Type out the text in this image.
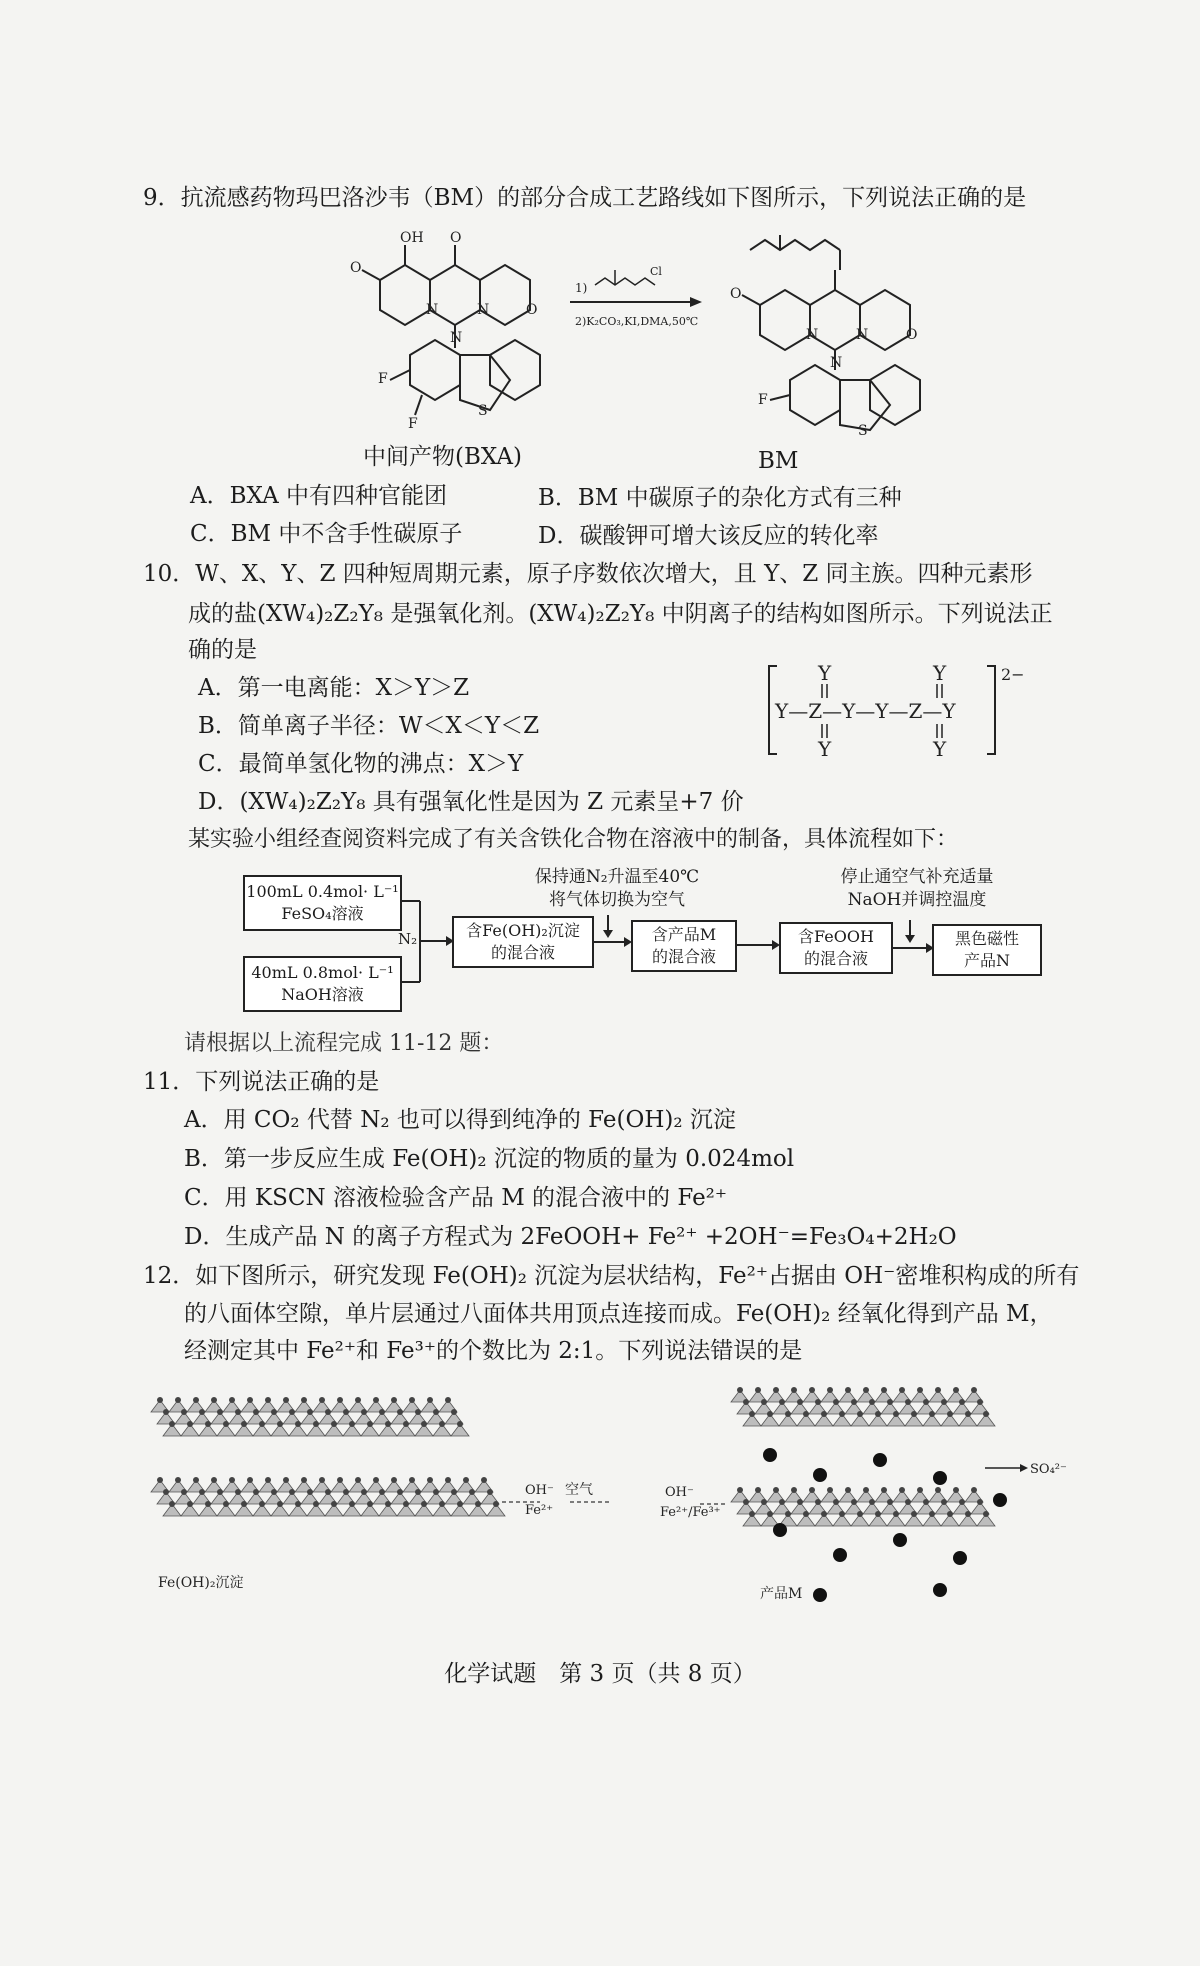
9．抗流感药物玛巴洛沙韦（BM）的部分合成工艺路线如下图所示，下列说法正确的是
OH O
O
N	N	O
N
F
F
S
Cl
1)
2)K₂CO₃,KI,DMA,50℃
O
N	N	O
N
F
S
中间产物(BXA)	BM
A．BXA 中有四种官能团	B．BM 中碳原子的杂化方式有三种
C．BM 中不含手性碳原子	D．碳酸钾可增大该反应的转化率
10．W、X、Y、Z 四种短周期元素，原子序数依次增大，且 Y、Z 同主族。四种元素形
成的盐(XW₄)₂Z₂Y₈ 是强氧化剂。(XW₄)₂Z₂Y₈ 中阴离子的结构如图所示。下列说法正
确的是
A．第一电离能：X＞Y＞Z
B．简单离子半径：W＜X＜Y＜Z
C．最简单氢化物的沸点：X＞Y
D．(XW₄)₂Z₂Y₈ 具有强氧化性是因为 Z 元素呈+7 价
Y—Z—Y—Y—Z—Y
Y	Y
Y	Y
2−
某实验小组经查阅资料完成了有关含铁化合物在溶液中的制备，具体流程如下：
100mL 0.4mol· L⁻¹
FeSO₄溶液
40mL 0.8mol· L⁻¹
NaOH溶液
含Fe(OH)₂沉淀
的混合液
含产品M
的混合液
含FeOOH
的混合液
黑色磁性
产品N
保持通N₂升温至40℃
将气体切换为空气
停止通空气补充适量
NaOH并调控温度
N₂
请根据以上流程完成 11-12 题：
11．下列说法正确的是
A．用 CO₂ 代替 N₂ 也可以得到纯净的 Fe(OH)₂ 沉淀
B．第一步反应生成 Fe(OH)₂ 沉淀的物质的量为 0.024mol
C．用 KSCN 溶液检验含产品 M 的混合液中的 Fe²⁺
D．生成产品 N 的离子方程式为 2FeOOH+ Fe²⁺ +2OH⁻=Fe₃O₄+2H₂O
12．如下图所示，研究发现 Fe(OH)₂ 沉淀为层状结构，Fe²⁺占据由 OH⁻密堆积构成的所有
的八面体空隙，单片层通过八面体共用顶点连接而成。Fe(OH)₂ 经氧化得到产品 M，
经测定其中 Fe²⁺和 Fe³⁺的个数比为 2:1。下列说法错误的是
OH⁻
Fe²⁺
空气	OH⁻
Fe²⁺/Fe³⁺
SO₄²⁻
Fe(OH)₂沉淀
产品M
化学试题　第 3 页（共 8 页）
